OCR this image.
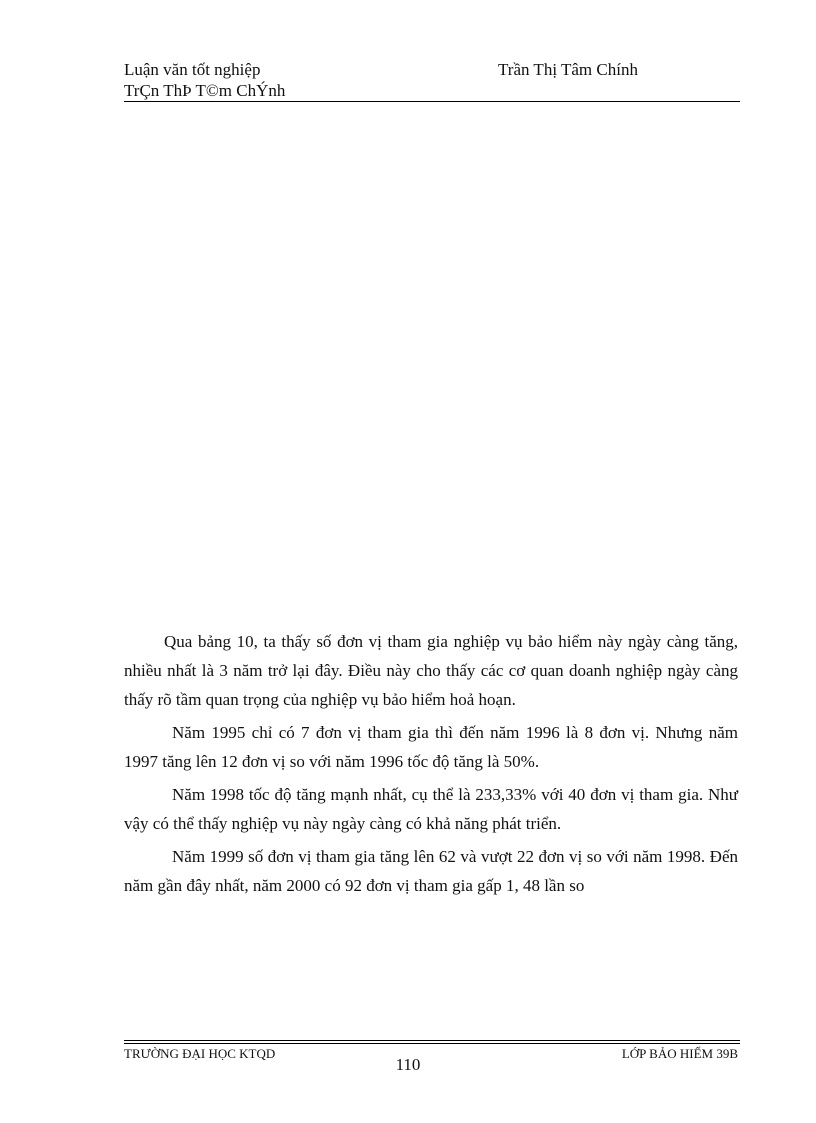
Luận văn tốt nghiệp	Trần Thị Tâm Chính
TrÇn ThÞ T©m ChÝnh

Qua bảng 10, ta thấy số đơn vị tham gia nghiệp vụ bảo hiểm này ngày càng tăng, nhiều nhất là 3 năm trở lại đây. Điều này cho thấy các cơ quan doanh nghiệp ngày càng thấy rõ tầm quan trọng của nghiệp vụ bảo hiểm hoả hoạn.

Năm 1995 chỉ có 7 đơn vị tham gia thì đến năm 1996 là 8 đơn vị. Nhưng năm 1997 tăng lên 12 đơn vị so với năm 1996 tốc độ tăng là 50%.

Năm 1998 tốc độ tăng mạnh nhất, cụ thể là 233,33% với 40 đơn vị tham gia. Như vậy có thể thấy nghiệp vụ này ngày càng có khả năng phát triển.

Năm 1999 số đơn vị tham gia tăng lên 62 và vượt 22 đơn vị so với năm 1998. Đến năm gần đây nhất, năm 2000 có 92 đơn vị tham gia gấp 1, 48 lần so

TRƯỜNG ĐẠI HỌC KTQD	LỚP BẢO HIỂM 39B
110
